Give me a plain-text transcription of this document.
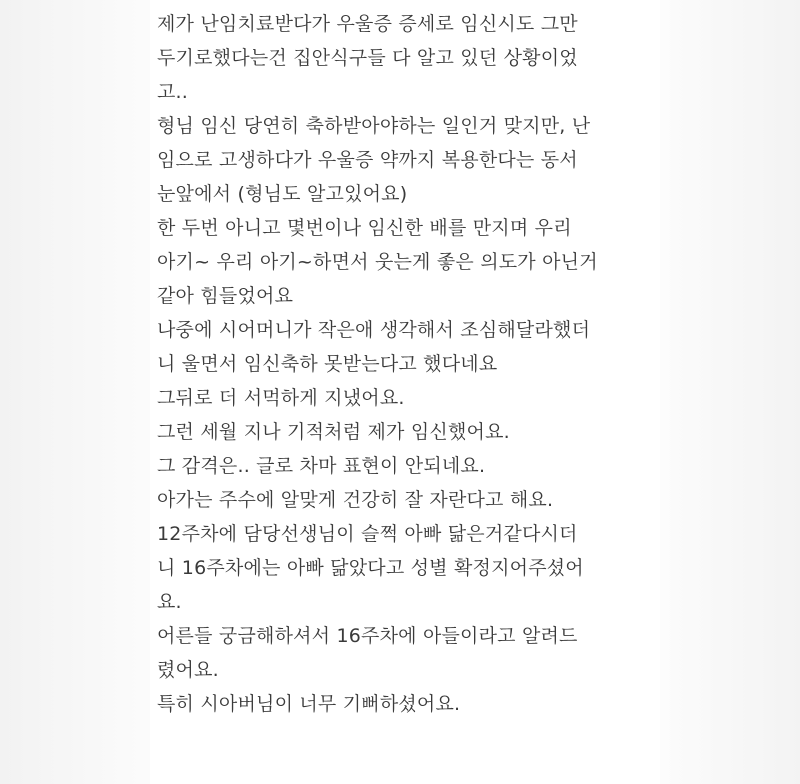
제가 난임치료받다가 우울증 증세로 임신시도 그만
두기로했다는건 집안식구들 다 알고 있던 상황이었
고..
형님 임신 당연히 축하받아야하는 일인거 맞지만, 난
임으로 고생하다가 우울증 약까지 복용한다는 동서
눈앞에서 (형님도 알고있어요)
한 두번 아니고 몇번이나 임신한 배를 만지며 우리
아기~ 우리 아기~하면서 웃는게 좋은 의도가 아닌거
같아 힘들었어요
나중에 시어머니가 작은애 생각해서 조심해달라했더
니 울면서 임신축하 못받는다고 했다네요
그뒤로 더 서먹하게 지냈어요.
그런 세월 지나 기적처럼 제가 임신했어요.
그 감격은.. 글로 차마 표현이 안되네요.
아가는 주수에 알맞게 건강히 잘 자란다고 해요.
12주차에 담당선생님이 슬쩍 아빠 닮은거같다시더
니 16주차에는 아빠 닮았다고 성별 확정지어주셨어
요.
어른들 궁금해하셔서 16주차에 아들이라고 알려드
렸어요.
특히 시아버님이 너무 기뻐하셨어요.
